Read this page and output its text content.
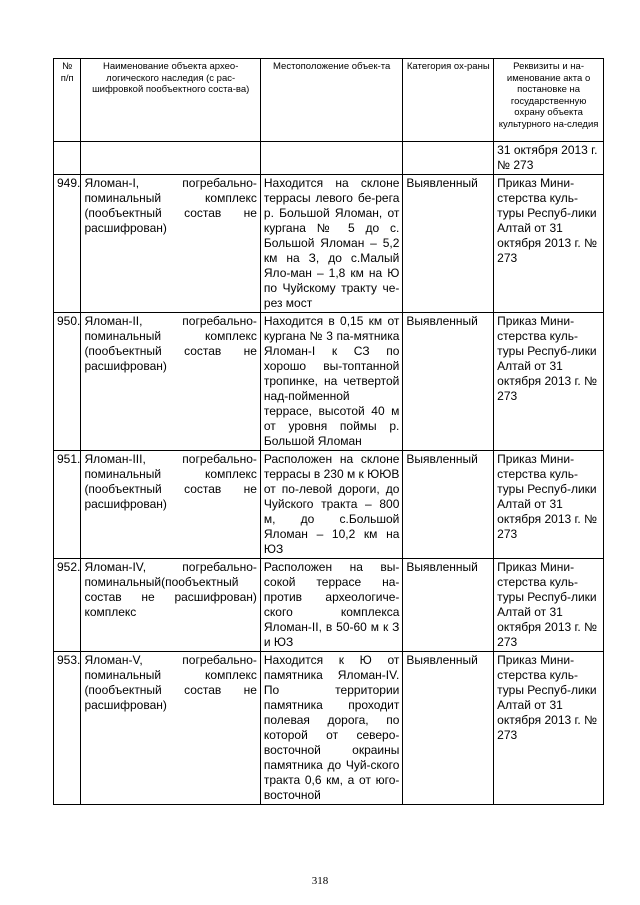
№ п/п	Наименование объекта архео-логического наследия (с рас-шифровкой пообъектного соста-ва)	Местоположение объек-та	Категория ох-раны	Реквизиты и на-именование акта о постановке на государственную охрану объекта культурного на-следия
				31 октября 2013 г. № 273
949.	Яломан-I, погребально-поминальный комплекс (пообъектный состав не расшифрован)	Находится на склоне террасы левого бе-рега р. Большой Яломан, от кургана № 5 до с. Большой Яломан – 5,2 км на З, до с.Малый Яло-ман – 1,8 км на Ю по Чуйскому тракту че-рез мост	Выявленный	Приказ Мини-стерства куль-туры Респуб-лики Алтай от 31 октября 2013 г. № 273
950.	Яломан-II, погребально-поминальный комплекс (пообъектный состав не расшифрован)	Находится в 0,15 км от кургана № 3 па-мятника Яломан-I к СЗ по хорошо вы-топтанной тропинке, на четвертой над-пойменной террасе, высотой 40 м от уровня поймы р. Большой Яломан	Выявленный	Приказ Мини-стерства куль-туры Респуб-лики Алтай от 31 октября 2013 г. № 273
951.	Яломан-III, погребально-поминальный комплекс (пообъектный состав не расшифрован)	Расположен на склоне террасы в 230 м к ЮЮВ от по-левой дороги, до Чуйского тракта – 800 м, до с.Большой Яломан – 10,2 км на ЮЗ	Выявленный	Приказ Мини-стерства куль-туры Респуб-лики Алтай от 31 октября 2013 г. № 273
952.	Яломан-IV, погребально-поминальный(пообъектный состав не расшифрован) комплекс	Расположен на вы-сокой террасе на-против археологиче-ского комплекса Яломан-II, в 50-60 м к З и ЮЗ	Выявленный	Приказ Мини-стерства куль-туры Респуб-лики Алтай от 31 октября 2013 г. № 273
953.	Яломан-V, погребально-поминальный комплекс (пообъектный состав не расшифрован)	Находится к Ю от памятника Яломан-IV. По территории памятника проходит полевая дорога, по которой от северо-восточной окраины памятника до Чуй-ского тракта 0,6 км, а от юго-восточной	Выявленный	Приказ Мини-стерства куль-туры Респуб-лики Алтай от 31 октября 2013 г. № 273
318
